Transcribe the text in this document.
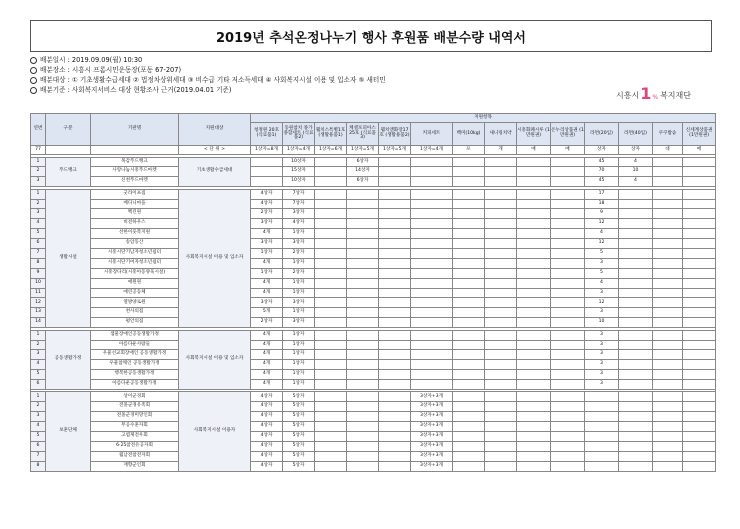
2019년 추석온정나누기 행사 후원품 배분수량 내역서
배분일시 : 2019.09.09(월) 10:30
배분장소 : 시흥시 프롬시민운동장(포동 67-207)
배분대상 : ① 기초생활수급세대 ② 법정차상위세대 ③ 비수급 기타 저소득세대 ④ 사회복지시설 이용 및 입소자 ⑤ 새터민
배분기준 : 사회복지서비스 대상 현황조사 근거(2019.04.01 기준)
시흥시 1 % 복지재단
연번	구분	기관명	지원대상	지원항목													
				청정원 20호 (식료품1)	동원참치 종가종합세트 (식료품2)	웰치스특별1호 (생활용품1)	케셀포피아스 25호 (식료품3)	웰치앤화장17호 (생활용품2)	커피세트	백미(10kg)	새니링치약	시흥화폐시루 (1만원권)	온누리상품권 (1만원권)	라면(20입)	라면(40입)	쿠쿠밥솥	신세계상품권 (1만원권)
77			< 단 위 >	1상자=8개	1상자=4개	1상자=6개	1상자=5개	1상자=5개	1상자=4개	포	개	매	매	상자	상자	대	매

1	푸드뱅크	목감푸드뱅크	기초생활수급세대		10상자		6상자							45	4		
2		사랑나눔시흥푸드마켓			15상자		14상자							70	10		
3		신천푸드마켓			10상자		6상자							45	4		

1	생활시설	굿라이프집	사회복지시설 이용 및 입소자	4상자	7상자									17			
2		베다니마을		4상자	7상자									18			
3		벡린원		2상자	3상자									9			
4		비전하우스		3상자	4상자									12			
5		선한이웃복지원		4개	1상자									4			
6		송암동산		3상자	3상자									12			
7		시흥시단기남자청소년쉼터		1상자	2상자									5			
8		시흥시단기여자청소년쉼터		4개	1상자									3			
9		시흥장다리(시흥아동양육시설)		1상자	2상자									5			
10		애원원		4개	1상자									4			
11		애린공동체		4개	1상자									3			
12		열방양로원		3상자	3상자									12			
13		천사의집		5개	1상자									3			
14		평안의집		2상자	3상자									10			

1	공동생활가정	샘물장애인공동생활가정	사회복지시설 이용 및 입소자	4개	1상자									3			
2		아름다운사람들		4개	1상자									3			
3		우물선교회장애인 공동생활가정		4개	1상자									3			
4		우물참깨인 공동생활가정		4개	1상자									3			
5		행복한공동생활가정		4개	1상자									3			
6		아름다운공동생활가정		4개	1상자									3			

1	보훈단체	상이군경회	사회복지시설 이용자	4상자	5상자				3상자+3개								
2		전몰군경유족회		4상자	5상자				3상자+3개								
3		전몰군경미망인회		4상자	5상자				3상자+3개								
4		무공수훈자회		4상자	5상자				3상자+3개								
5		고엽제전우회		4상자	5상자				3상자+3개								
6		6·25참전유공자회		4상자	5상자				3상자+3개								
7		월남전참전자회		4상자	5상자				3상자+3개								
8		재향군인회		4상자	5상자				3상자+3개								
